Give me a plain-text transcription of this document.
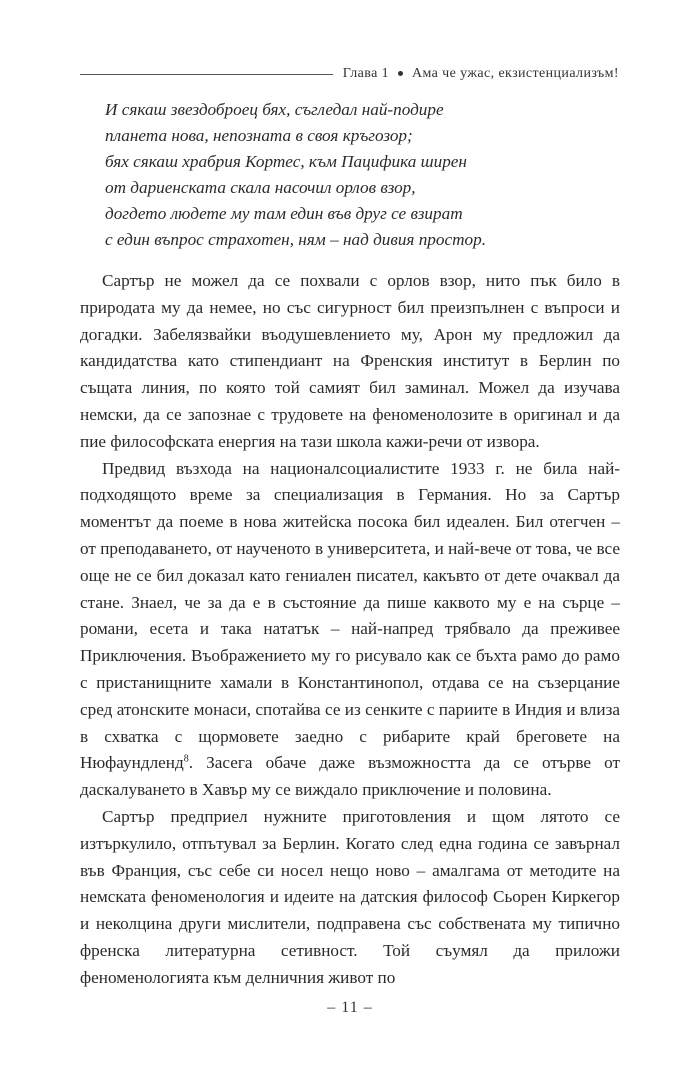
Глава 1 Ама че ужас, екзистенциализъм!
И сякаш звездоброец бях, съгледал най-подире
планета нова, непозната в своя кръгозор;
бях сякаш храбрия Кортес, към Пацифика ширен
от дариенската скала насочил орлов взор,
догдето людете му там един във друг се взират
с един въпрос страхотен, ням – над дивия простор.

Сартър не можел да се похвали с орлов взор, нито пък било в природата му да немее, но със сигурност бил преизпълнен с въпроси и догадки. Забелязвайки въодушевлението му, Арон му предложил да кандидатства като стипендиант на Френския институт в Берлин по същата линия, по която той самият бил заминал. Можел да изучава немски, да се запознае с трудовете на феноменолозите в оригинал и да пие философската енергия на тази школа кажи-речи от извора.

Предвид възхода на националсоциалистите 1933 г. не била най-подходящото време за специализация в Германия. Но за Сартър моментът да поеме в нова житейска посока бил идеален. Бил отегчен – от преподаването, от наученото в университета, и най-вече от това, че все още не се бил доказал като гениален писател, какъвто от дете очаквал да стане. Знаел, че за да е в състояние да пише каквото му е на сърце – романи, есета и така нататък – най-напред трябвало да преживее Приключения. Въображението му го рисувало как се бъхта рамо до рамо с пристанищните хамали в Константинопол, отдава се на съзерцание сред атонските монаси, спотайва се из сенките с париите в Индия и влиза в схватка с щормовете заедно с рибарите край бреговете на Нюфаундленд$^8$. Засега обаче даже възможността да се отърве от даскалуването в Хавър му се виждало приключение и половина.

Сартър предприел нужните приготовления и щом лятото се изтъркулило, отпътувал за Берлин. Когато след една година се завърнал във Франция, със себе си носел нещо ново – амалгама от методите на немската феноменология и идеите на датския философ Сьорен Киркегор и неколцина други мислители, подправена със собствената му типично френска литературна сетивност. Той съумял да приложи феноменологията към делничния живот по

– 11 –
